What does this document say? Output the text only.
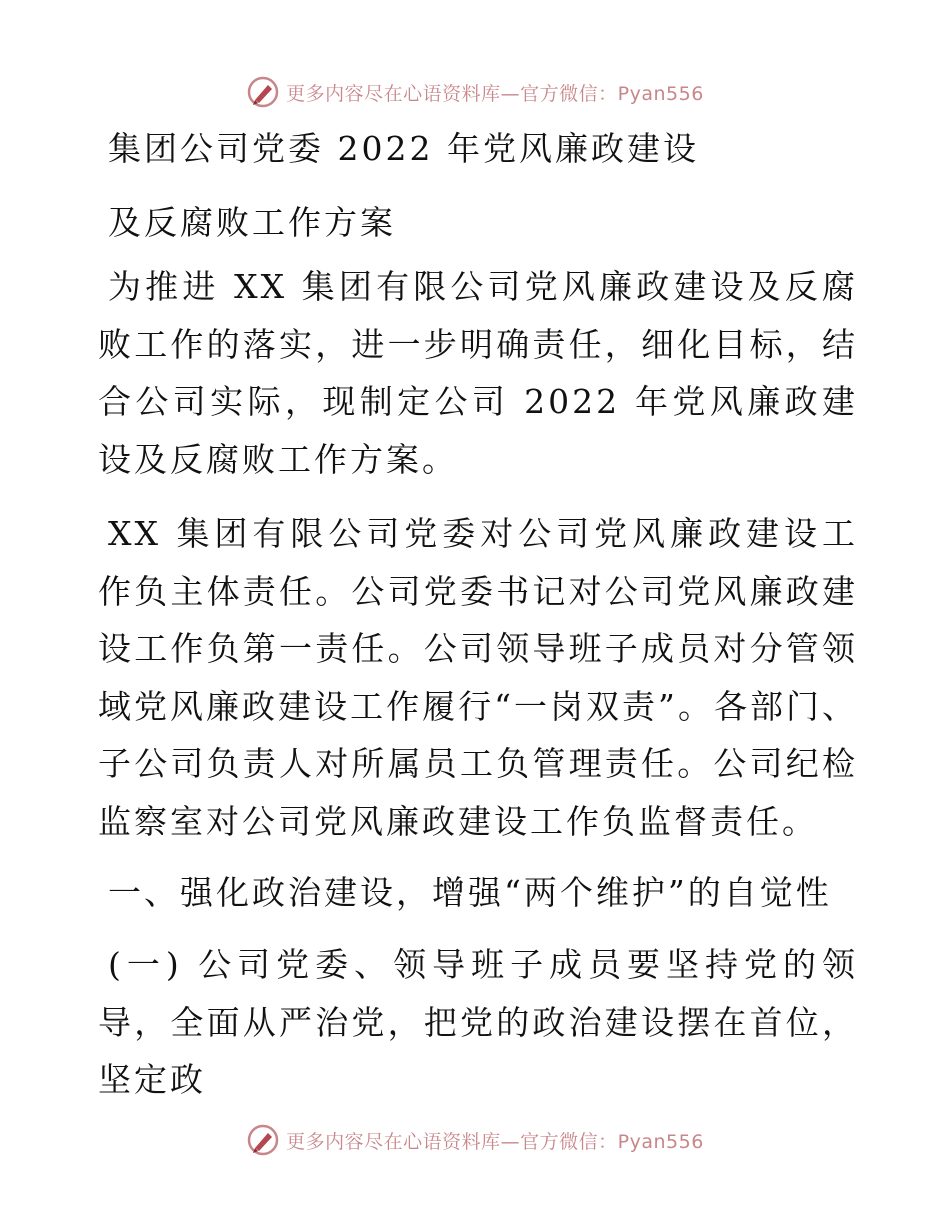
更多内容尽在心语资料库—官方微信：Pyan556
集团公司党委 2022 年党风廉政建设
及反腐败工作方案

为推进 XX 集团有限公司党风廉政建设及反腐败工作的落实，进一步明确责任，细化目标，结合公司实际，现制定公司 2022 年党风廉政建设及反腐败工作方案。

XX 集团有限公司党委对公司党风廉政建设工作负主体责任。公司党委书记对公司党风廉政建设工作负第一责任。公司领导班子成员对分管领域党风廉政建设工作履行“一岗双责”。各部门、子公司负责人对所属员工负管理责任。公司纪检监察室对公司党风廉政建设工作负监督责任。

一、强化政治建设，增强“两个维护”的自觉性

(一) 公司党委、领导班子成员要坚持党的领导，全面从严治党，把党的政治建设摆在首位，坚定政

更多内容尽在心语资料库—官方微信：Pyan556
